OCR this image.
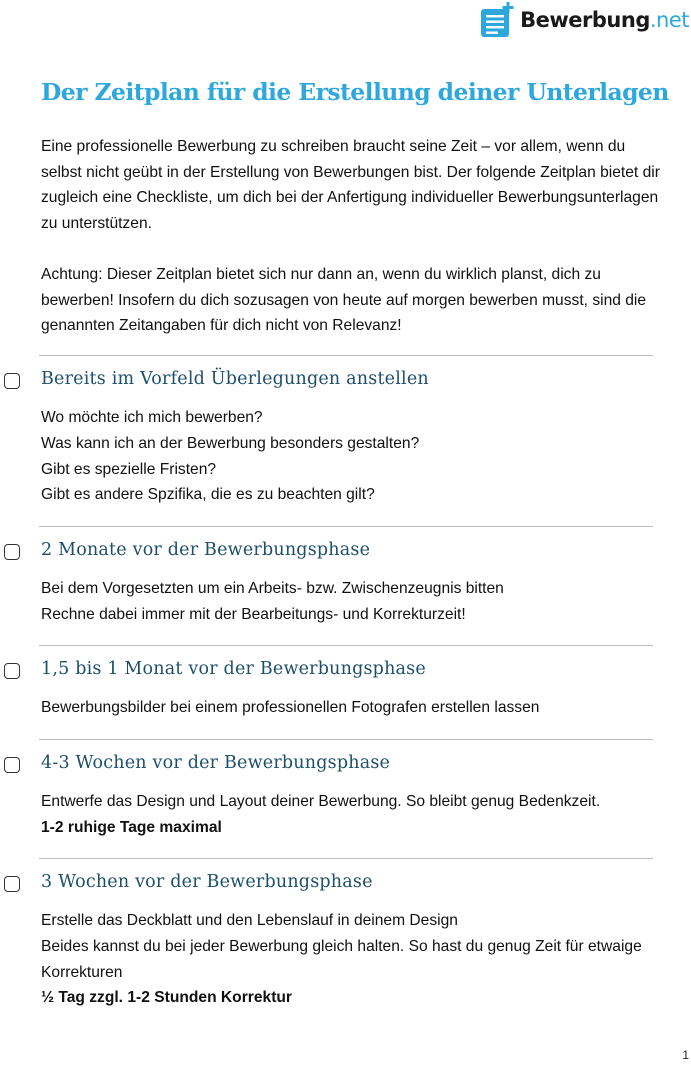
Bewerbung.net
Der Zeitplan für die Erstellung deiner Unterlagen

Eine professionelle Bewerbung zu schreiben braucht seine Zeit – vor allem, wenn du selbst nicht geübt in der Erstellung von Bewerbungen bist. Der folgende Zeitplan bietet dir zugleich eine Checkliste, um dich bei der Anfertigung individueller Bewerbungsunterlagen zu unterstützen.

Achtung: Dieser Zeitplan bietet sich nur dann an, wenn du wirklich planst, dich zu bewerben! Insofern du dich sozusagen von heute auf morgen bewerben musst, sind die genannten Zeitangaben für dich nicht von Relevanz!

Bereits im Vorfeld Überlegungen anstellen
Wo möchte ich mich bewerben?
Was kann ich an der Bewerbung besonders gestalten?
Gibt es spezielle Fristen?
Gibt es andere Spzifika, die es zu beachten gilt?
2 Monate vor der Bewerbungsphase
Bei dem Vorgesetzten um ein Arbeits- bzw. Zwischenzeugnis bitten
Rechne dabei immer mit der Bearbeitungs- und Korrekturzeit!
1,5 bis 1 Monat vor der Bewerbungsphase
Bewerbungsbilder bei einem professionellen Fotografen erstellen lassen
4-3 Wochen vor der Bewerbungsphase
Entwerfe das Design und Layout deiner Bewerbung. So bleibt genug Bedenkzeit.
1-2 ruhige Tage maximal
3 Wochen vor der Bewerbungsphase
Erstelle das Deckblatt und den Lebenslauf in deinem Design
Beides kannst du bei jeder Bewerbung gleich halten. So hast du genug Zeit für etwaige Korrekturen
½ Tag zzgl. 1-2 Stunden Korrektur
1
